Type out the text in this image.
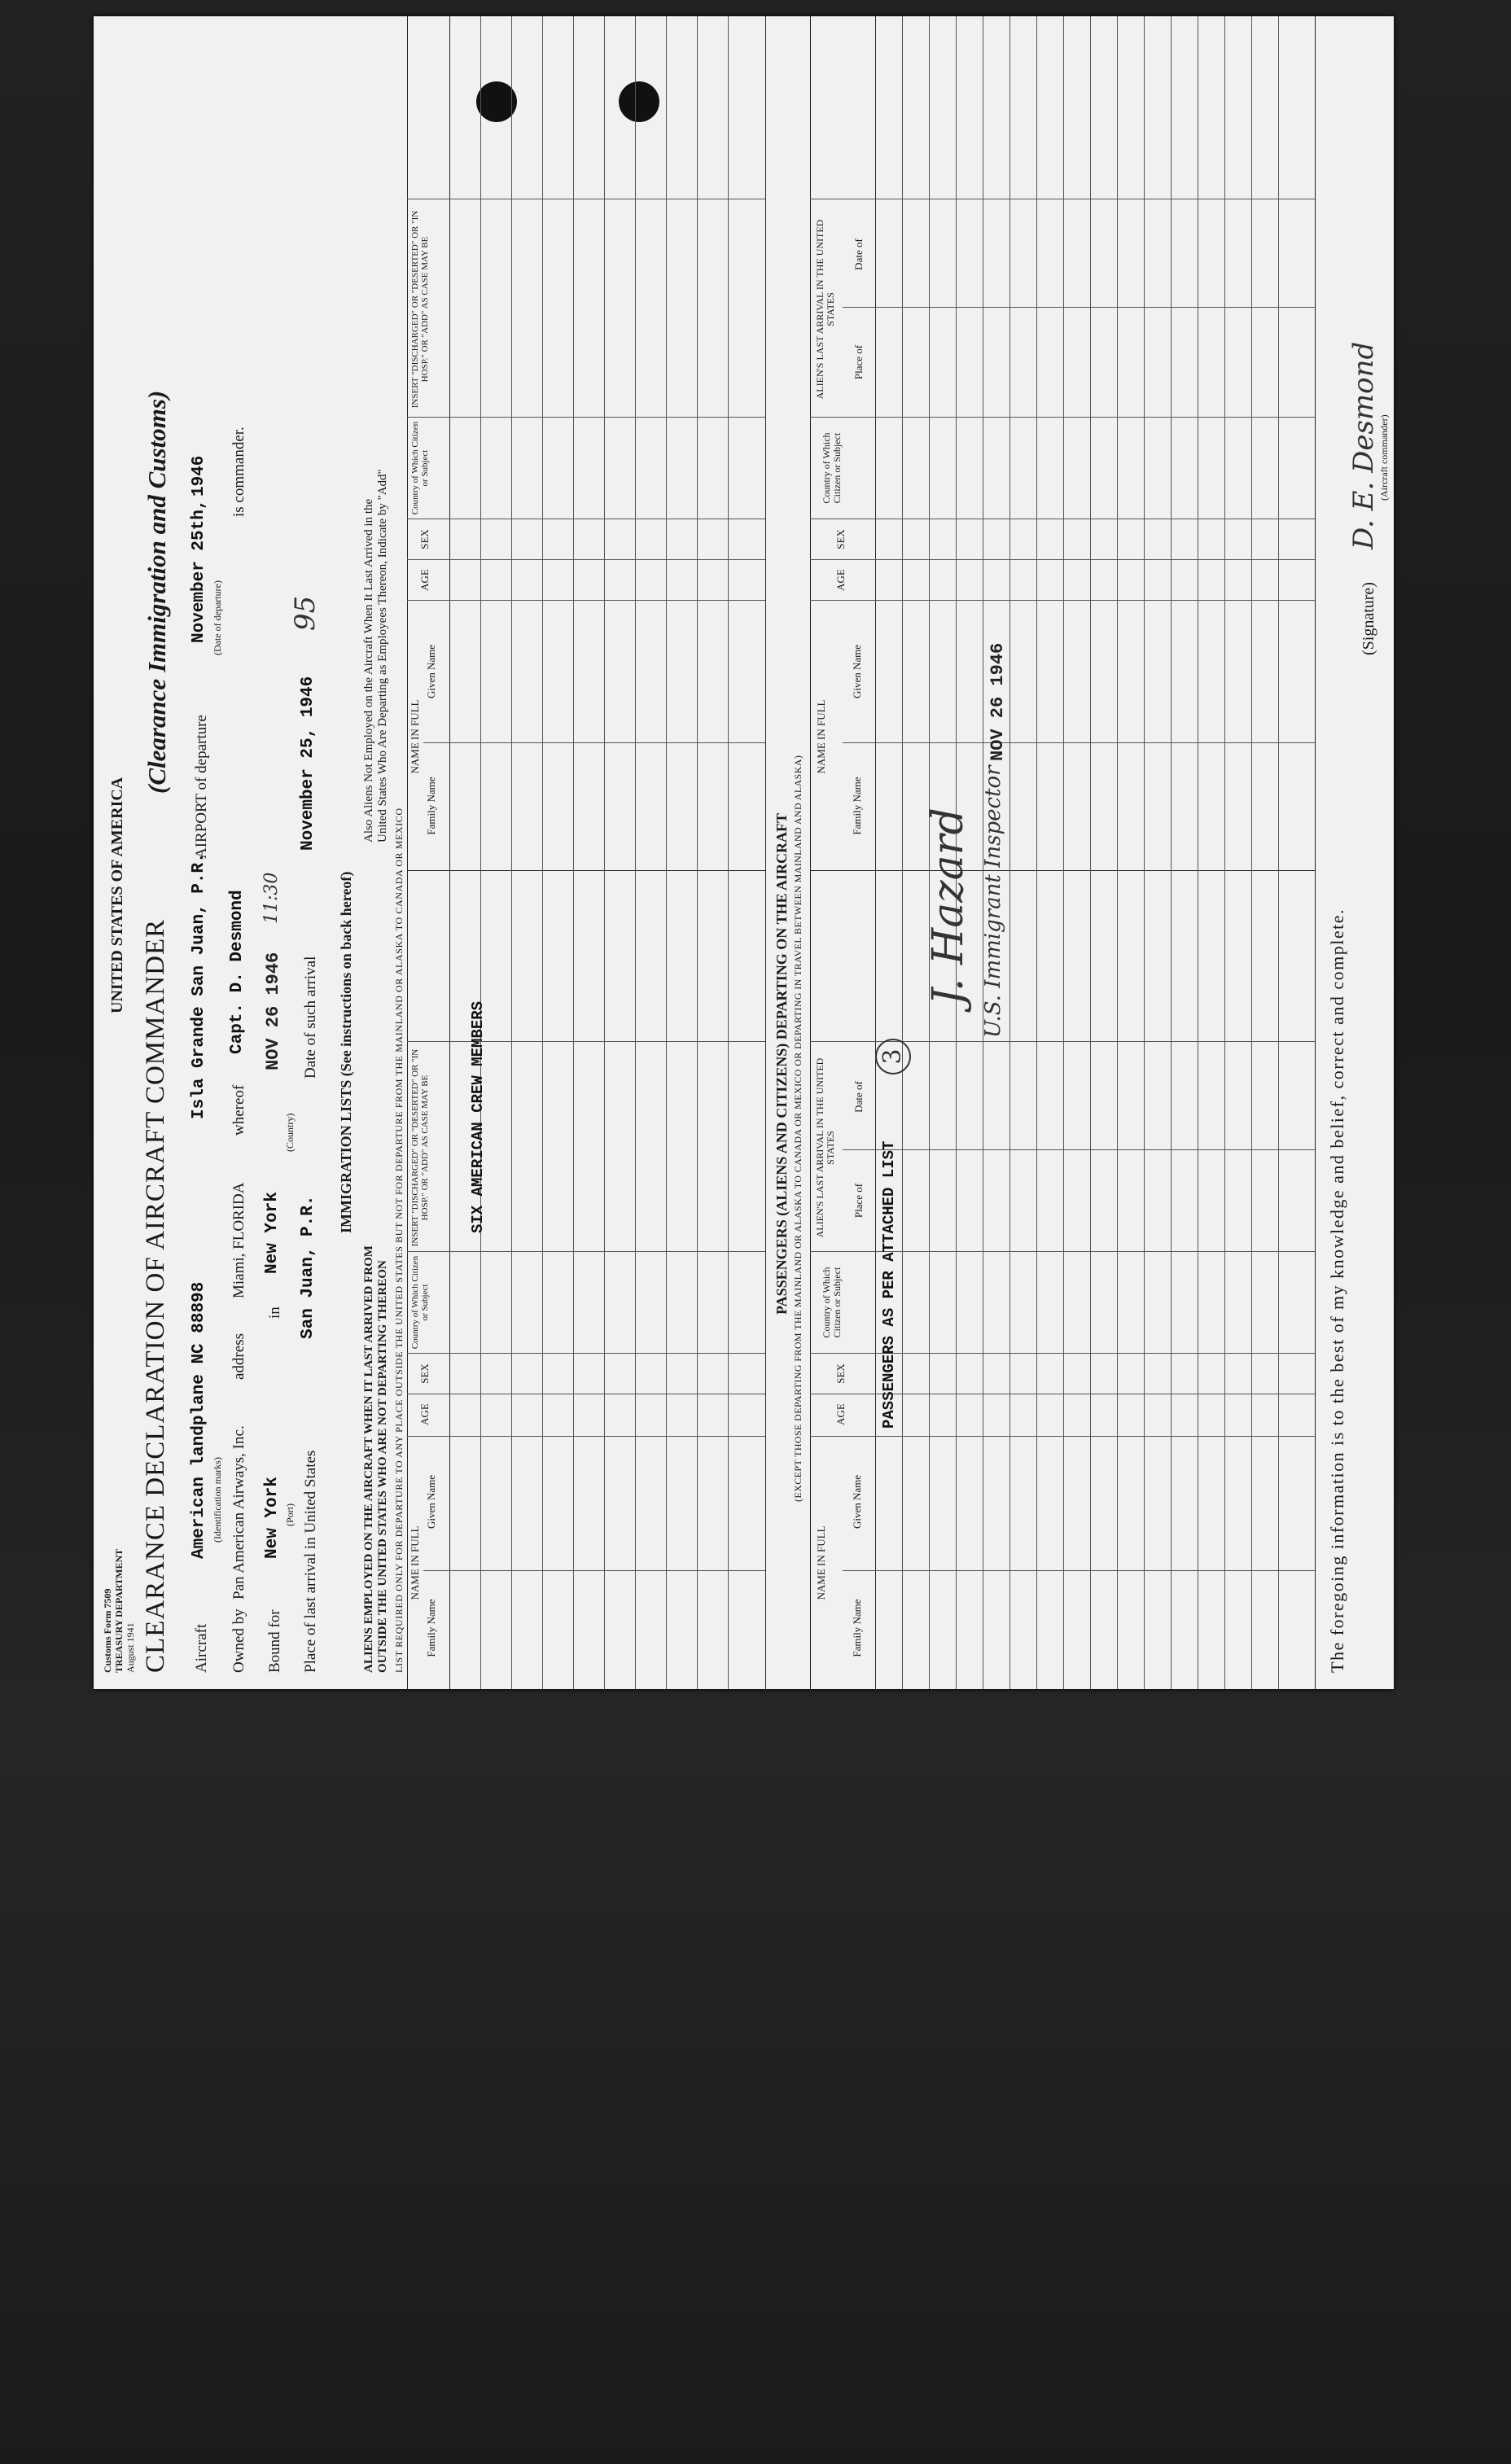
Customs Form 7509 TREASURY DEPARTMENT August 1941
UNITED STATES OF AMERICA
CLEARANCE DECLARATION OF AIRCRAFT COMMANDER
(Clearance Immigration and Customs)
Aircraft
American landplane NC 88898 (Identification marks)
Isla Grande San Juan, P.R.
AIRPORT of departure
November 25th,
1946
(Date of departure)
Owned by
Pan American Airways, Inc.
address
Miami, FLORIDA
whereof
Capt. D. Desmond
is commander.
Bound for
New York (Port)
in
New York
(Country)
NOV 26 1946
11:30
Place of last arrival in United States
San Juan, P.R.
Date of such arrival
November 25, 1946
95
IMMIGRATION LISTS (See instructions on back hereof)
ALIENS EMPLOYED ON THE AIRCRAFT WHEN IT LAST ARRIVED FROM OUTSIDE THE UNITED STATES WHO ARE NOT DEPARTING THEREON
Also Aliens Not Employed on the Aircraft When It Last Arrived in the United States Who Are Departing as Employees Thereon, Indicate by "Add"
LIST REQUIRED ONLY FOR DEPARTURE TO ANY PLACE OUTSIDE THE UNITED STATES BUT NOT FOR DEPARTURE FROM THE MAINLAND OR ALASKA TO CANADA OR MEXICO NAME IN FULL
Family Name
Given Name
AGE
SEX
Country of Which Citizen or Subject
INSERT "DISCHARGED" OR "DESERTED" OR "IN HOSP." OR "ADD" AS CASE MAY BE
NAME IN FULL
Family Name
Given Name
AGE
SEX
Country of Which Citizen or Subject
INSERT "DISCHARGED" OR "DESERTED" OR "IN HOSP." OR "ADD" AS CASE MAY BE
SIX AMERICAN CREW MEMBERS	PASSENGERS (ALIENS AND CITIZENS) DEPARTING ON THE AIRCRAFT (EXCEPT THOSE DEPARTING FROM THE MAINLAND OR ALASKA TO CANADA OR MEXICO OR DEPARTING IN TRAVEL BETWEEN MAINLAND AND ALASKA)
NAME IN FULL
Family Name
Given Name
AGE
SEX
Country of Which Citizen or Subject
ALIEN'S LAST ARRIVAL IN THE UNITED STATES
Place of
Date of
NAME IN FULL
Family Name
Given Name
AGE
SEX
Country of Which Citizen or Subject
ALIEN'S LAST ARRIVAL IN THE UNITED STATES
Place of
Date of
PASSENGERS AS PER ATTACHED LIST
3
J. Hazard U.S. Immigrant Inspector
NOV 26 1946
The foregoing information is to the best of my knowledge and belief, correct and complete.
(Signature)
D. E. Desmond
(Aircraft commander)
